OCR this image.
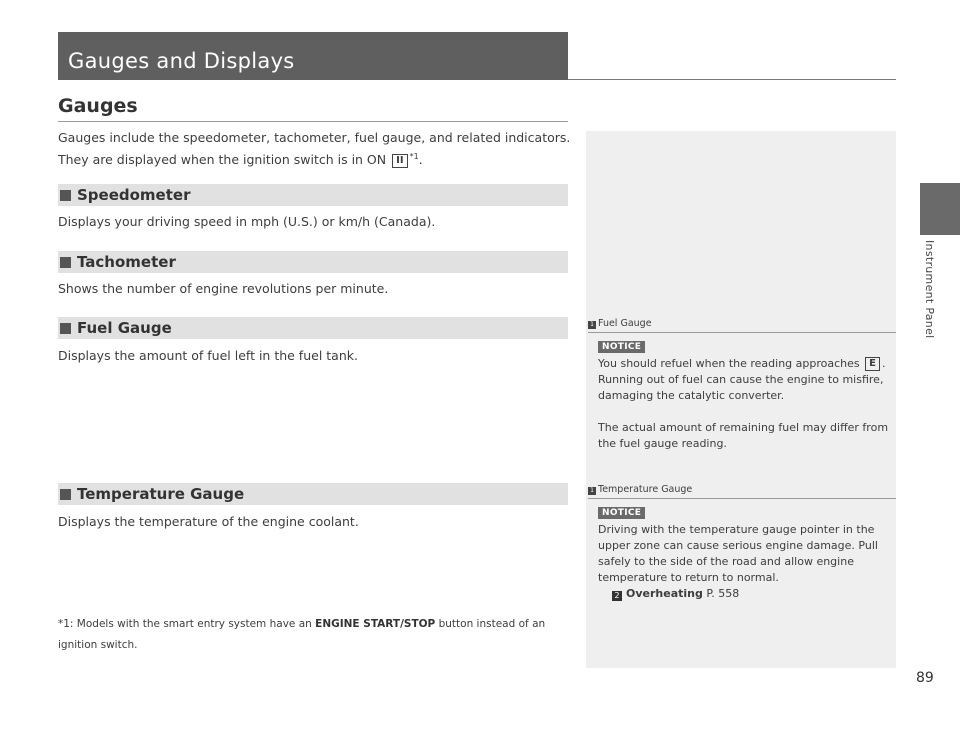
Gauges and Displays
Gauges
Gauges include the speedometer, tachometer, fuel gauge, and related indicators.
They are displayed when the ignition switch is in ON II $^{*1}$.
Speedometer
Displays your driving speed in mph (U.S.) or km/h (Canada).
Tachometer
Shows the number of engine revolutions per minute.
Fuel Gauge
Displays the amount of fuel left in the fuel tank.
Temperature Gauge
Displays the temperature of the engine coolant.
*1: Models with the smart entry system have an ENGINE START/STOP button instead of an
ignition switch.
1 Fuel Gauge
NOTICE
You should refuel when the reading approaches E .
Running out of fuel can cause the engine to misfire,
damaging the catalytic converter.
The actual amount of remaining fuel may differ from
the fuel gauge reading.
1 Temperature Gauge
NOTICE
Driving with the temperature gauge pointer in the
upper zone can cause serious engine damage. Pull
safely to the side of the road and allow engine
temperature to return to normal.
2 Overheating P. 558
Instrument Panel
89
